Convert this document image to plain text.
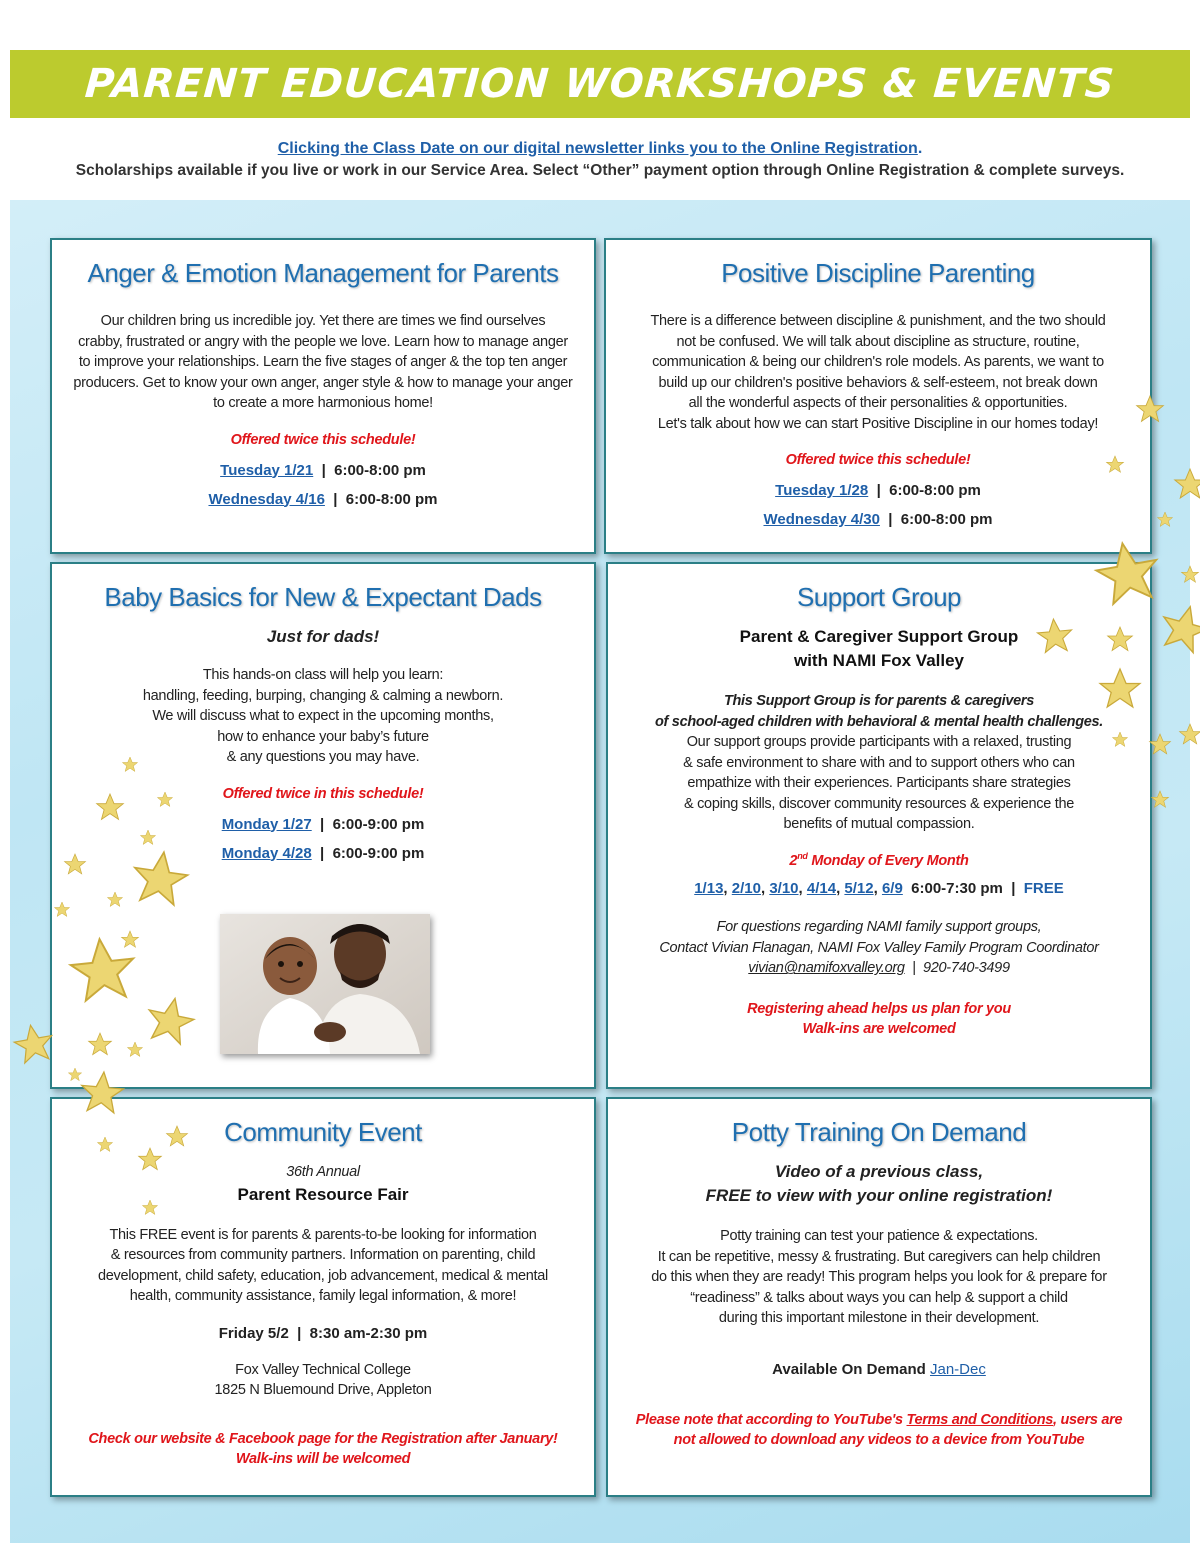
PARENT EDUCATION WORKSHOPS & EVENTS
Clicking the Class Date on our digital newsletter links you to the Online Registration.
Scholarships available if you live or work in our Service Area. Select “Other” payment option through Online Registration & complete surveys.
Anger & Emotion Management for Parents
Our children bring us incredible joy. Yet there are times we find ourselves
crabby, frustrated or angry with the people we love. Learn how to manage anger
to improve your relationships. Learn the five stages of anger & the top ten anger
producers. Get to know your own anger, anger style & how to manage your anger
to create a more harmonious home!
Offered twice this schedule!
Tuesday 1/21  |  6:00-8:00 pm
Wednesday 4/16  |  6:00-8:00 pm
Positive Discipline Parenting
There is a difference between discipline & punishment, and the two should
not be confused. We will talk about discipline as structure, routine,
communication & being our children's role models. As parents, we want to
build up our children's positive behaviors & self-esteem, not break down
all the wonderful aspects of their personalities & opportunities.
Let's talk about how we can start Positive Discipline in our homes today!
Offered twice this schedule!
Tuesday 1/28  |  6:00-8:00 pm
Wednesday 4/30  |  6:00-8:00 pm
Baby Basics for New & Expectant Dads
Just for dads!
This hands-on class will help you learn:
handling, feeding, burping, changing & calming a newborn.
We will discuss what to expect in the upcoming months,
how to enhance your baby’s future
& any questions you may have.
Offered twice in this schedule!
Monday 1/27  |  6:00-9:00 pm
Monday 4/28  |  6:00-9:00 pm
Support Group
Parent & Caregiver Support Group
with NAMI Fox Valley
This Support Group is for parents & caregivers
of school-aged children with behavioral & mental health challenges.
Our support groups provide participants with a relaxed, trusting
& safe environment to share with and to support others who can
empathize with their experiences. Participants share strategies
& coping skills, discover community resources & experience the
benefits of mutual compassion.
2nd Monday of Every Month
1/13, 2/10, 3/10, 4/14, 5/12, 6/9 6:00-7:30 pm  |  FREE
For questions regarding NAMI family support groups,
Contact Vivian Flanagan, NAMI Fox Valley Family Program Coordinator
vivian@namifoxvalley.org  |  920-740-3499
Registering ahead helps us plan for you
Walk-ins are welcomed
Community Event
36th Annual
Parent Resource Fair
This FREE event is for parents & parents-to-be looking for information
& resources from community partners. Information on parenting, child
development, child safety, education, job advancement, medical & mental
health, community assistance, family legal information, & more!
Friday 5/2  |  8:30 am-2:30 pm
Fox Valley Technical College
1825 N Bluemound Drive, Appleton
Check our website & Facebook page for the Registration after January!
Walk-ins will be welcomed
Potty Training On Demand
Video of a previous class,
FREE to view with your online registration!
Potty training can test your patience & expectations.
It can be repetitive, messy & frustrating. But caregivers can help children
do this when they are ready! This program helps you look for & prepare for
“readiness” & talks about ways you can help & support a child
during this important milestone in their development.
Available On Demand Jan-Dec
Please note that according to YouTube's Terms and Conditions, users are
not allowed to download any videos to a device from YouTube
